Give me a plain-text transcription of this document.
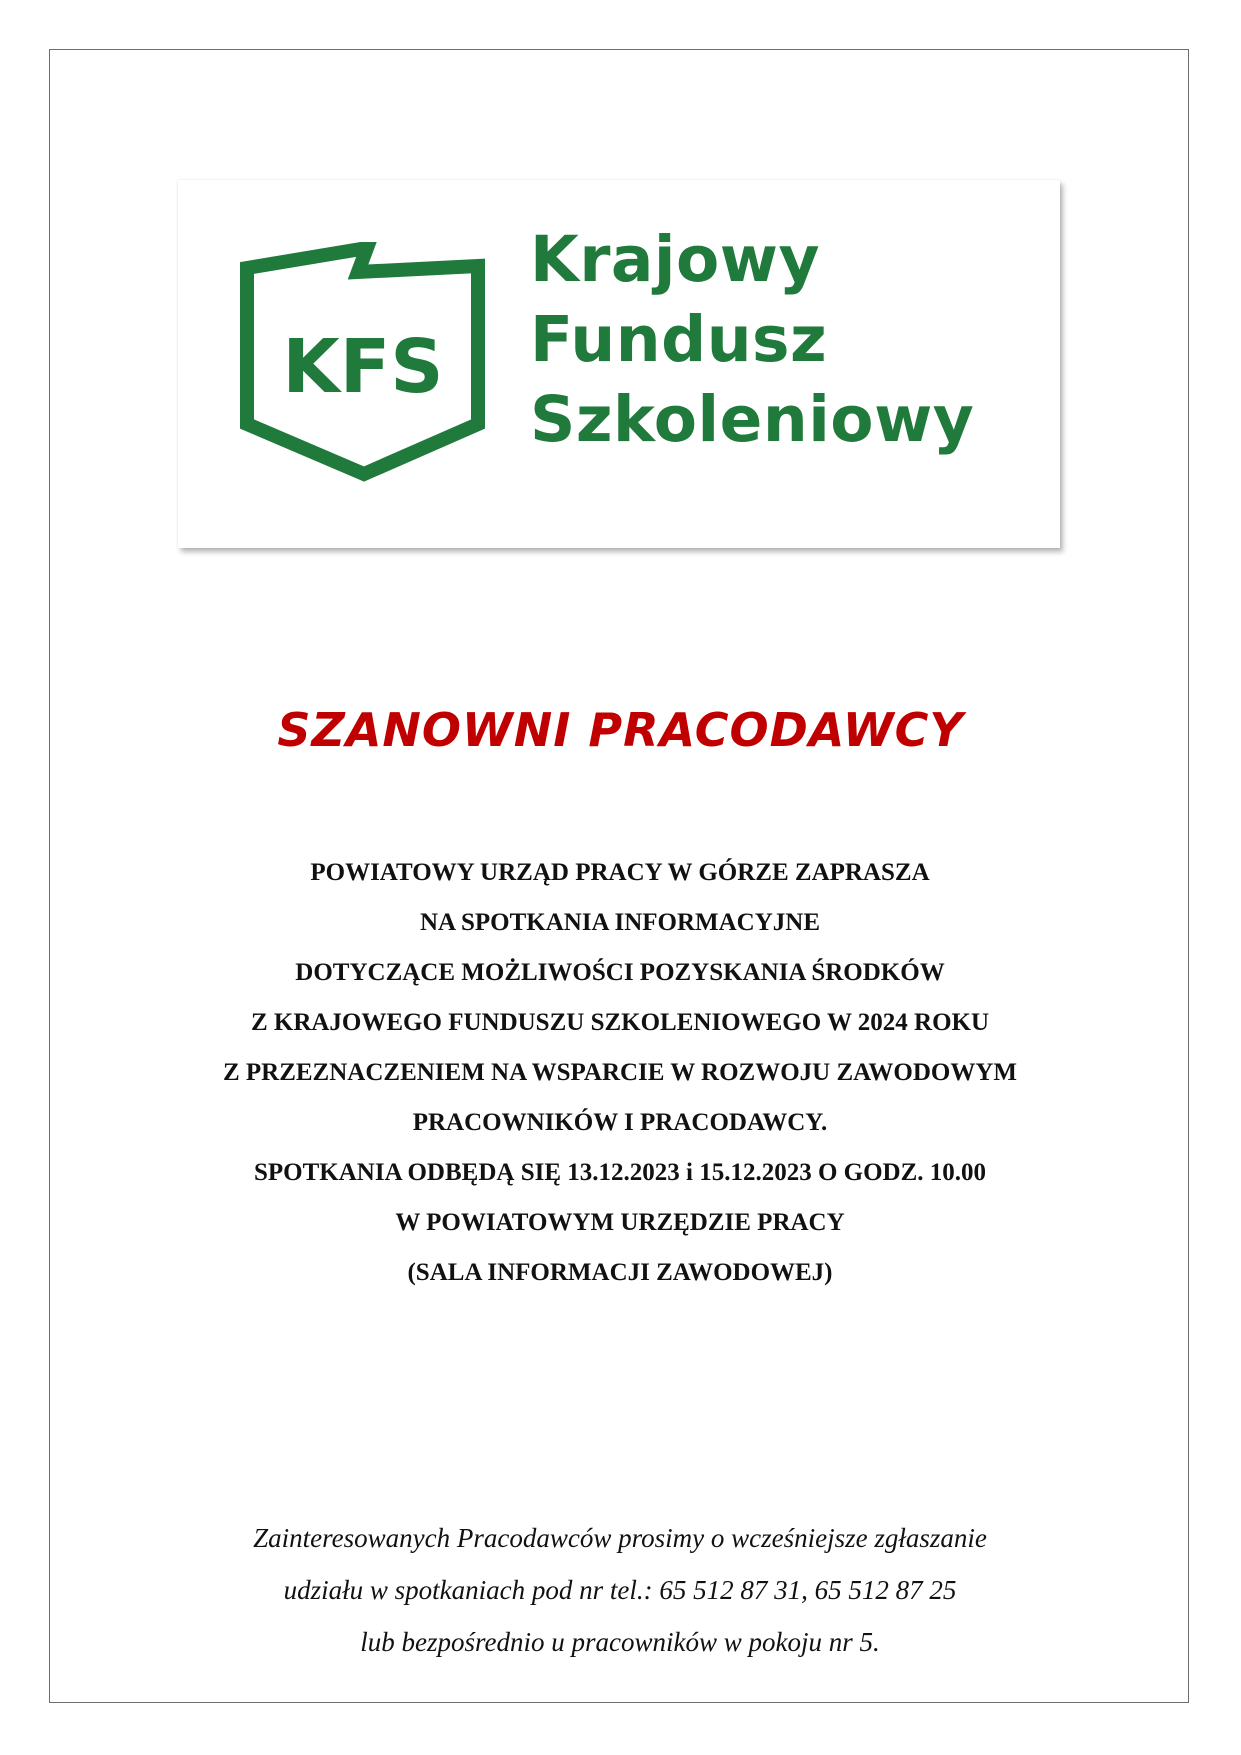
KFS
Krajowy
Fundusz
Szkoleniowy
SZANOWNI PRACODAWCY
POWIATOWY URZĄD PRACY W GÓRZE ZAPRASZA
NA SPOTKANIA INFORMACYJNE
DOTYCZĄCE MOŻLIWOŚCI POZYSKANIA ŚRODKÓW
Z KRAJOWEGO FUNDUSZU SZKOLENIOWEGO W 2024 ROKU
Z PRZEZNACZENIEM NA WSPARCIE W ROZWOJU ZAWODOWYM
PRACOWNIKÓW I PRACODAWCY.
SPOTKANIA ODBĘDĄ SIĘ 13.12.2023 i 15.12.2023 O GODZ. 10.00
W POWIATOWYM URZĘDZIE PRACY
(SALA INFORMACJI ZAWODOWEJ)
Zainteresowanych Pracodawców prosimy o wcześniejsze zgłaszanie
udziału w spotkaniach pod nr tel.: 65 512 87 31, 65 512 87 25
lub bezpośrednio u pracowników w pokoju nr 5.
